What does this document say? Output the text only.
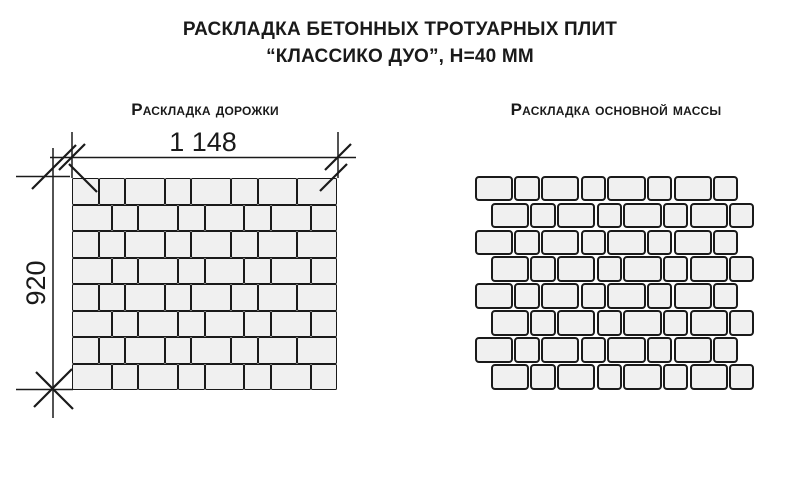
РАСКЛАДКА БЕТОННЫХ ТРОТУАРНЫХ ПЛИТ
“КЛАССИКО ДУО”, Н=40 ММ
Раскладка дорожки	Раскладка основной массы
1 148
920
